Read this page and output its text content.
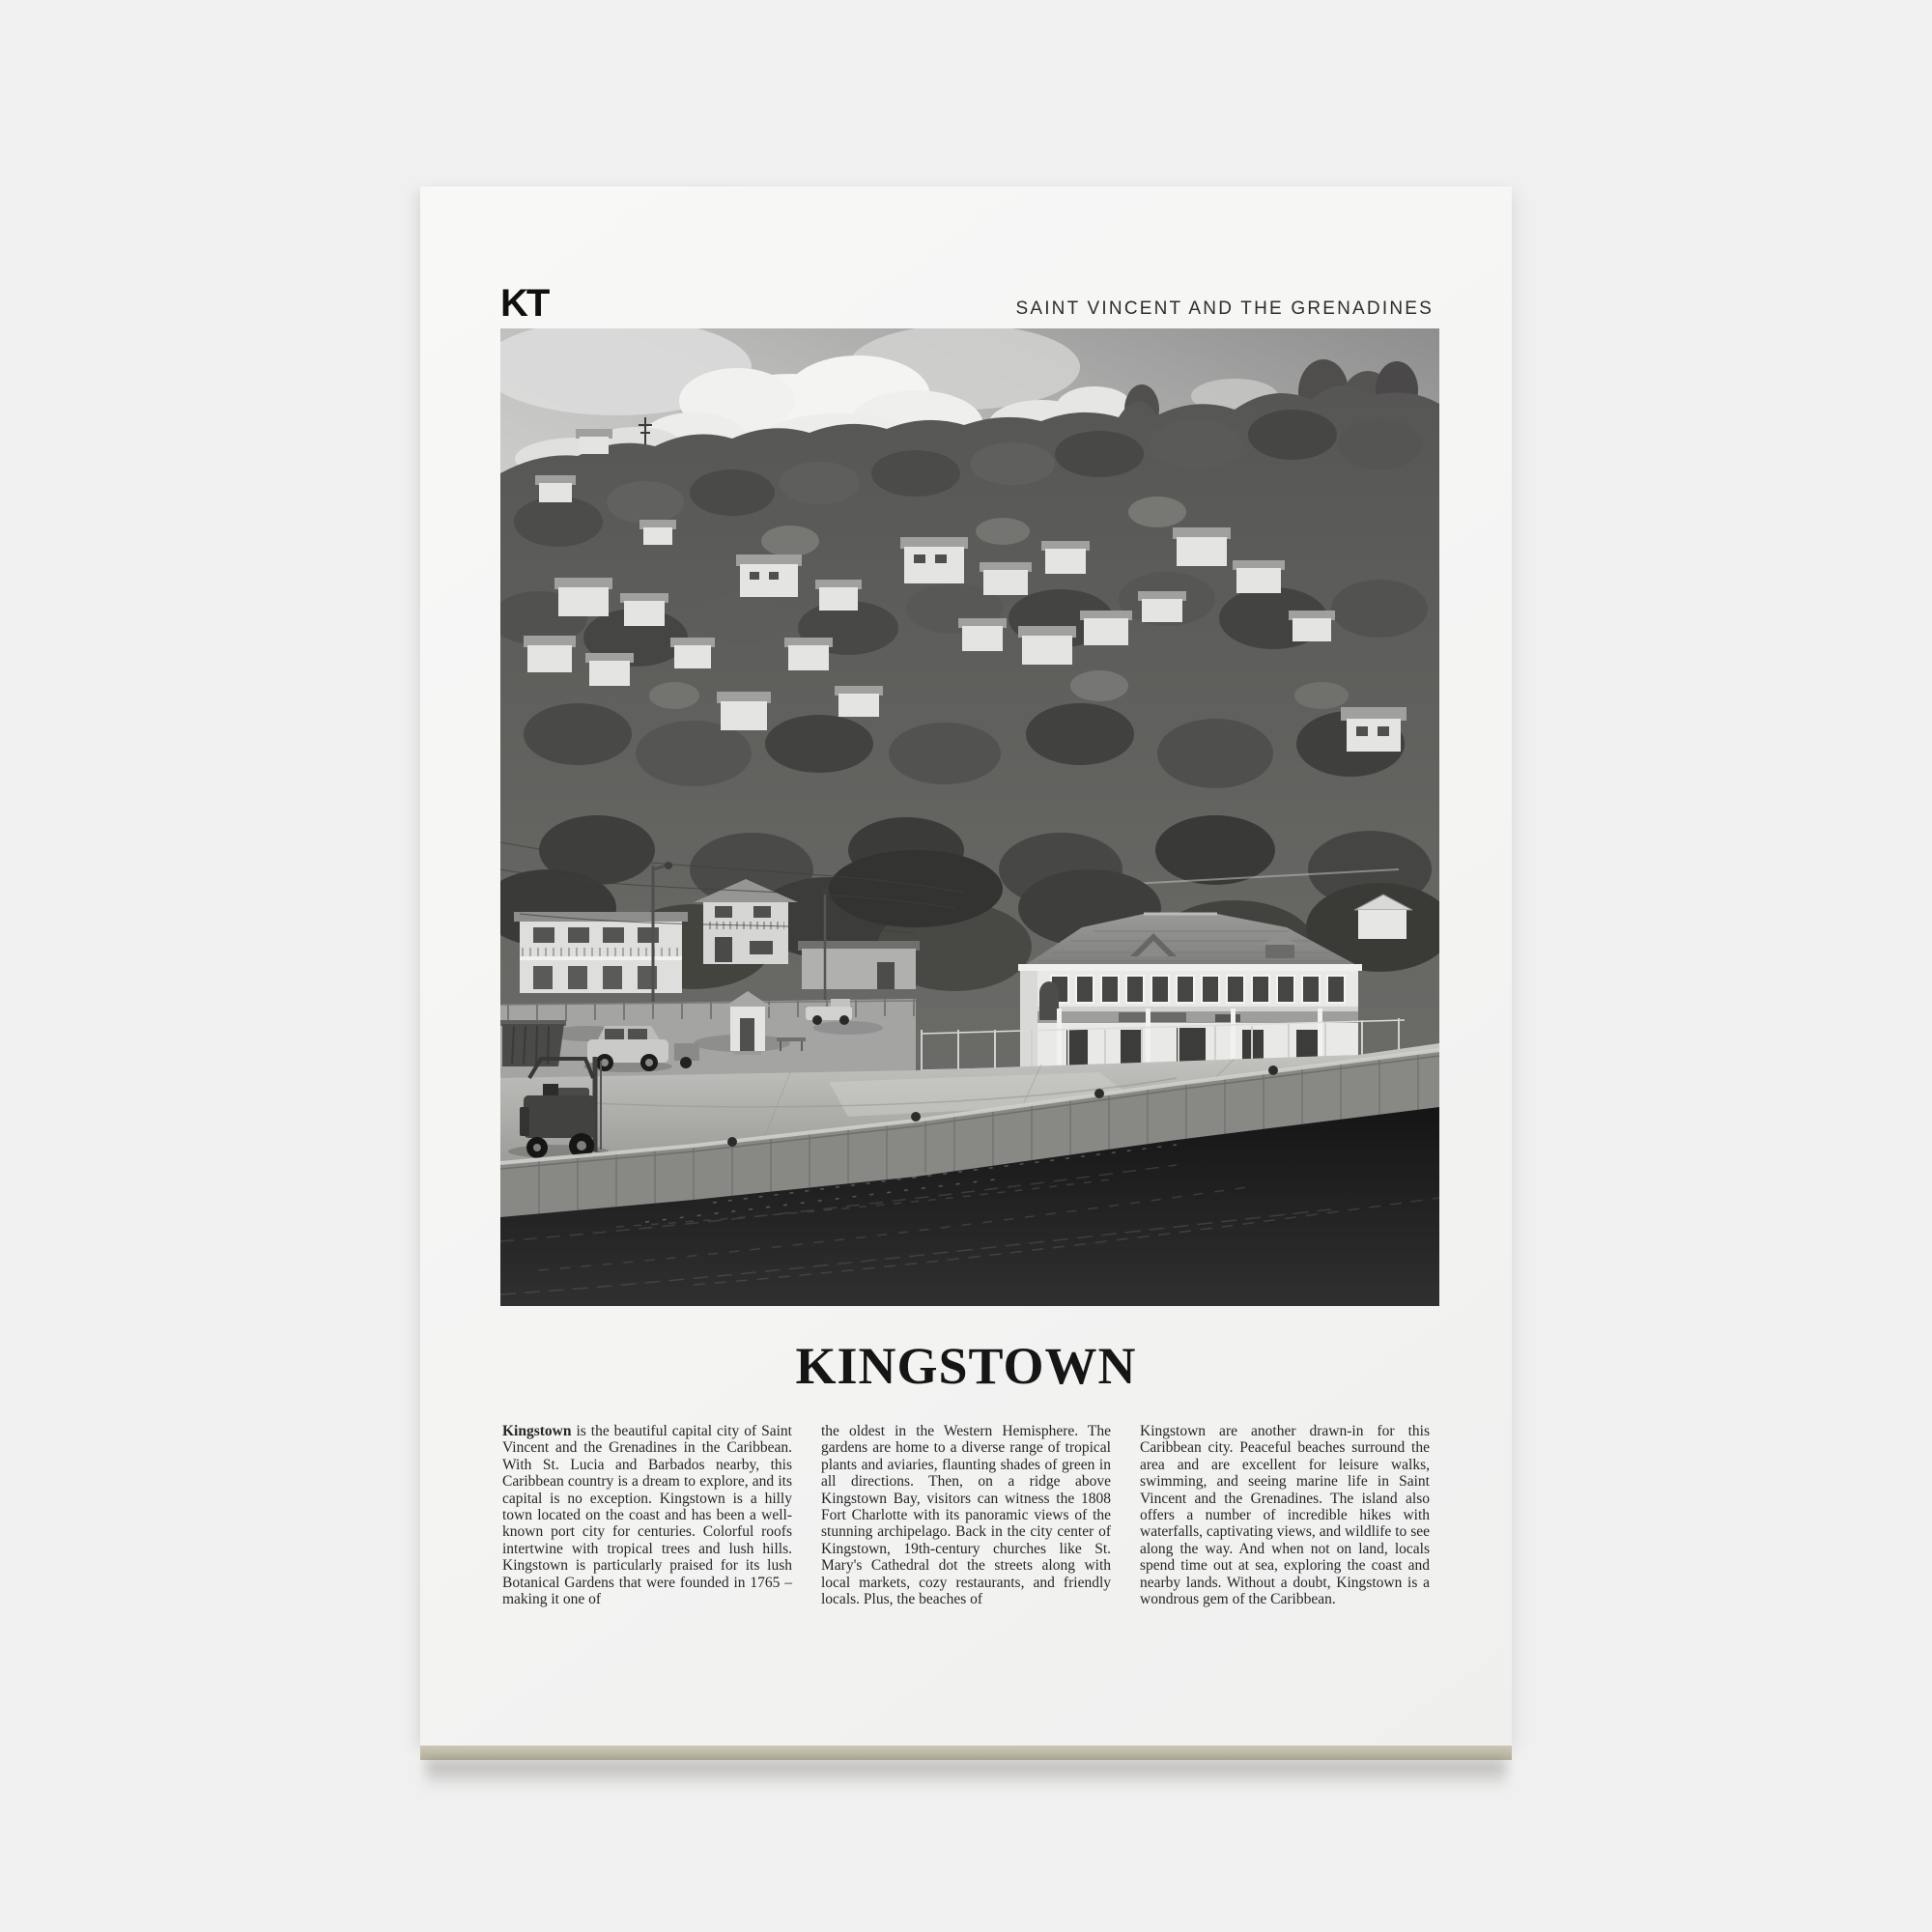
KT	SAINT VINCENT AND THE GRENADINES
KINGSTOWN
Kingstown is the beautiful capital city of Saint Vincent and the Grenadines in the Caribbean. With St. Lucia and Barbados nearby, this Caribbean country is a dream to explore, and its capital is no exception. Kingstown is a hilly town located on the coast and has been a well-known port city for centuries. Colorful roofs intertwine with tropical trees and lush hills. Kingstown is particularly praised for its lush Botanical Gardens that were founded in 1765 – making it one of
the oldest in the Western Hemisphere. The gardens are home to a diverse range of tropical plants and aviaries, flaunting shades of green in all directions. Then, on a ridge above Kingstown Bay, visitors can witness the 1808 Fort Charlotte with its panoramic views of the stunning archipelago. Back in the city center of Kingstown, 19th-century churches like St. Mary's Cathedral dot the streets along with local markets, cozy restaurants, and friendly locals. Plus, the beaches of
Kingstown are another drawn-in for this Caribbean city. Peaceful beaches surround the area and are excellent for leisure walks, swimming, and seeing marine life in Saint Vincent and the Grenadines. The island also offers a number of incredible hikes with waterfalls, captivating views, and wildlife to see along the way. And when not on land, locals spend time out at sea, exploring the coast and nearby lands. Without a doubt, Kingstown is a wondrous gem of the Caribbean.
